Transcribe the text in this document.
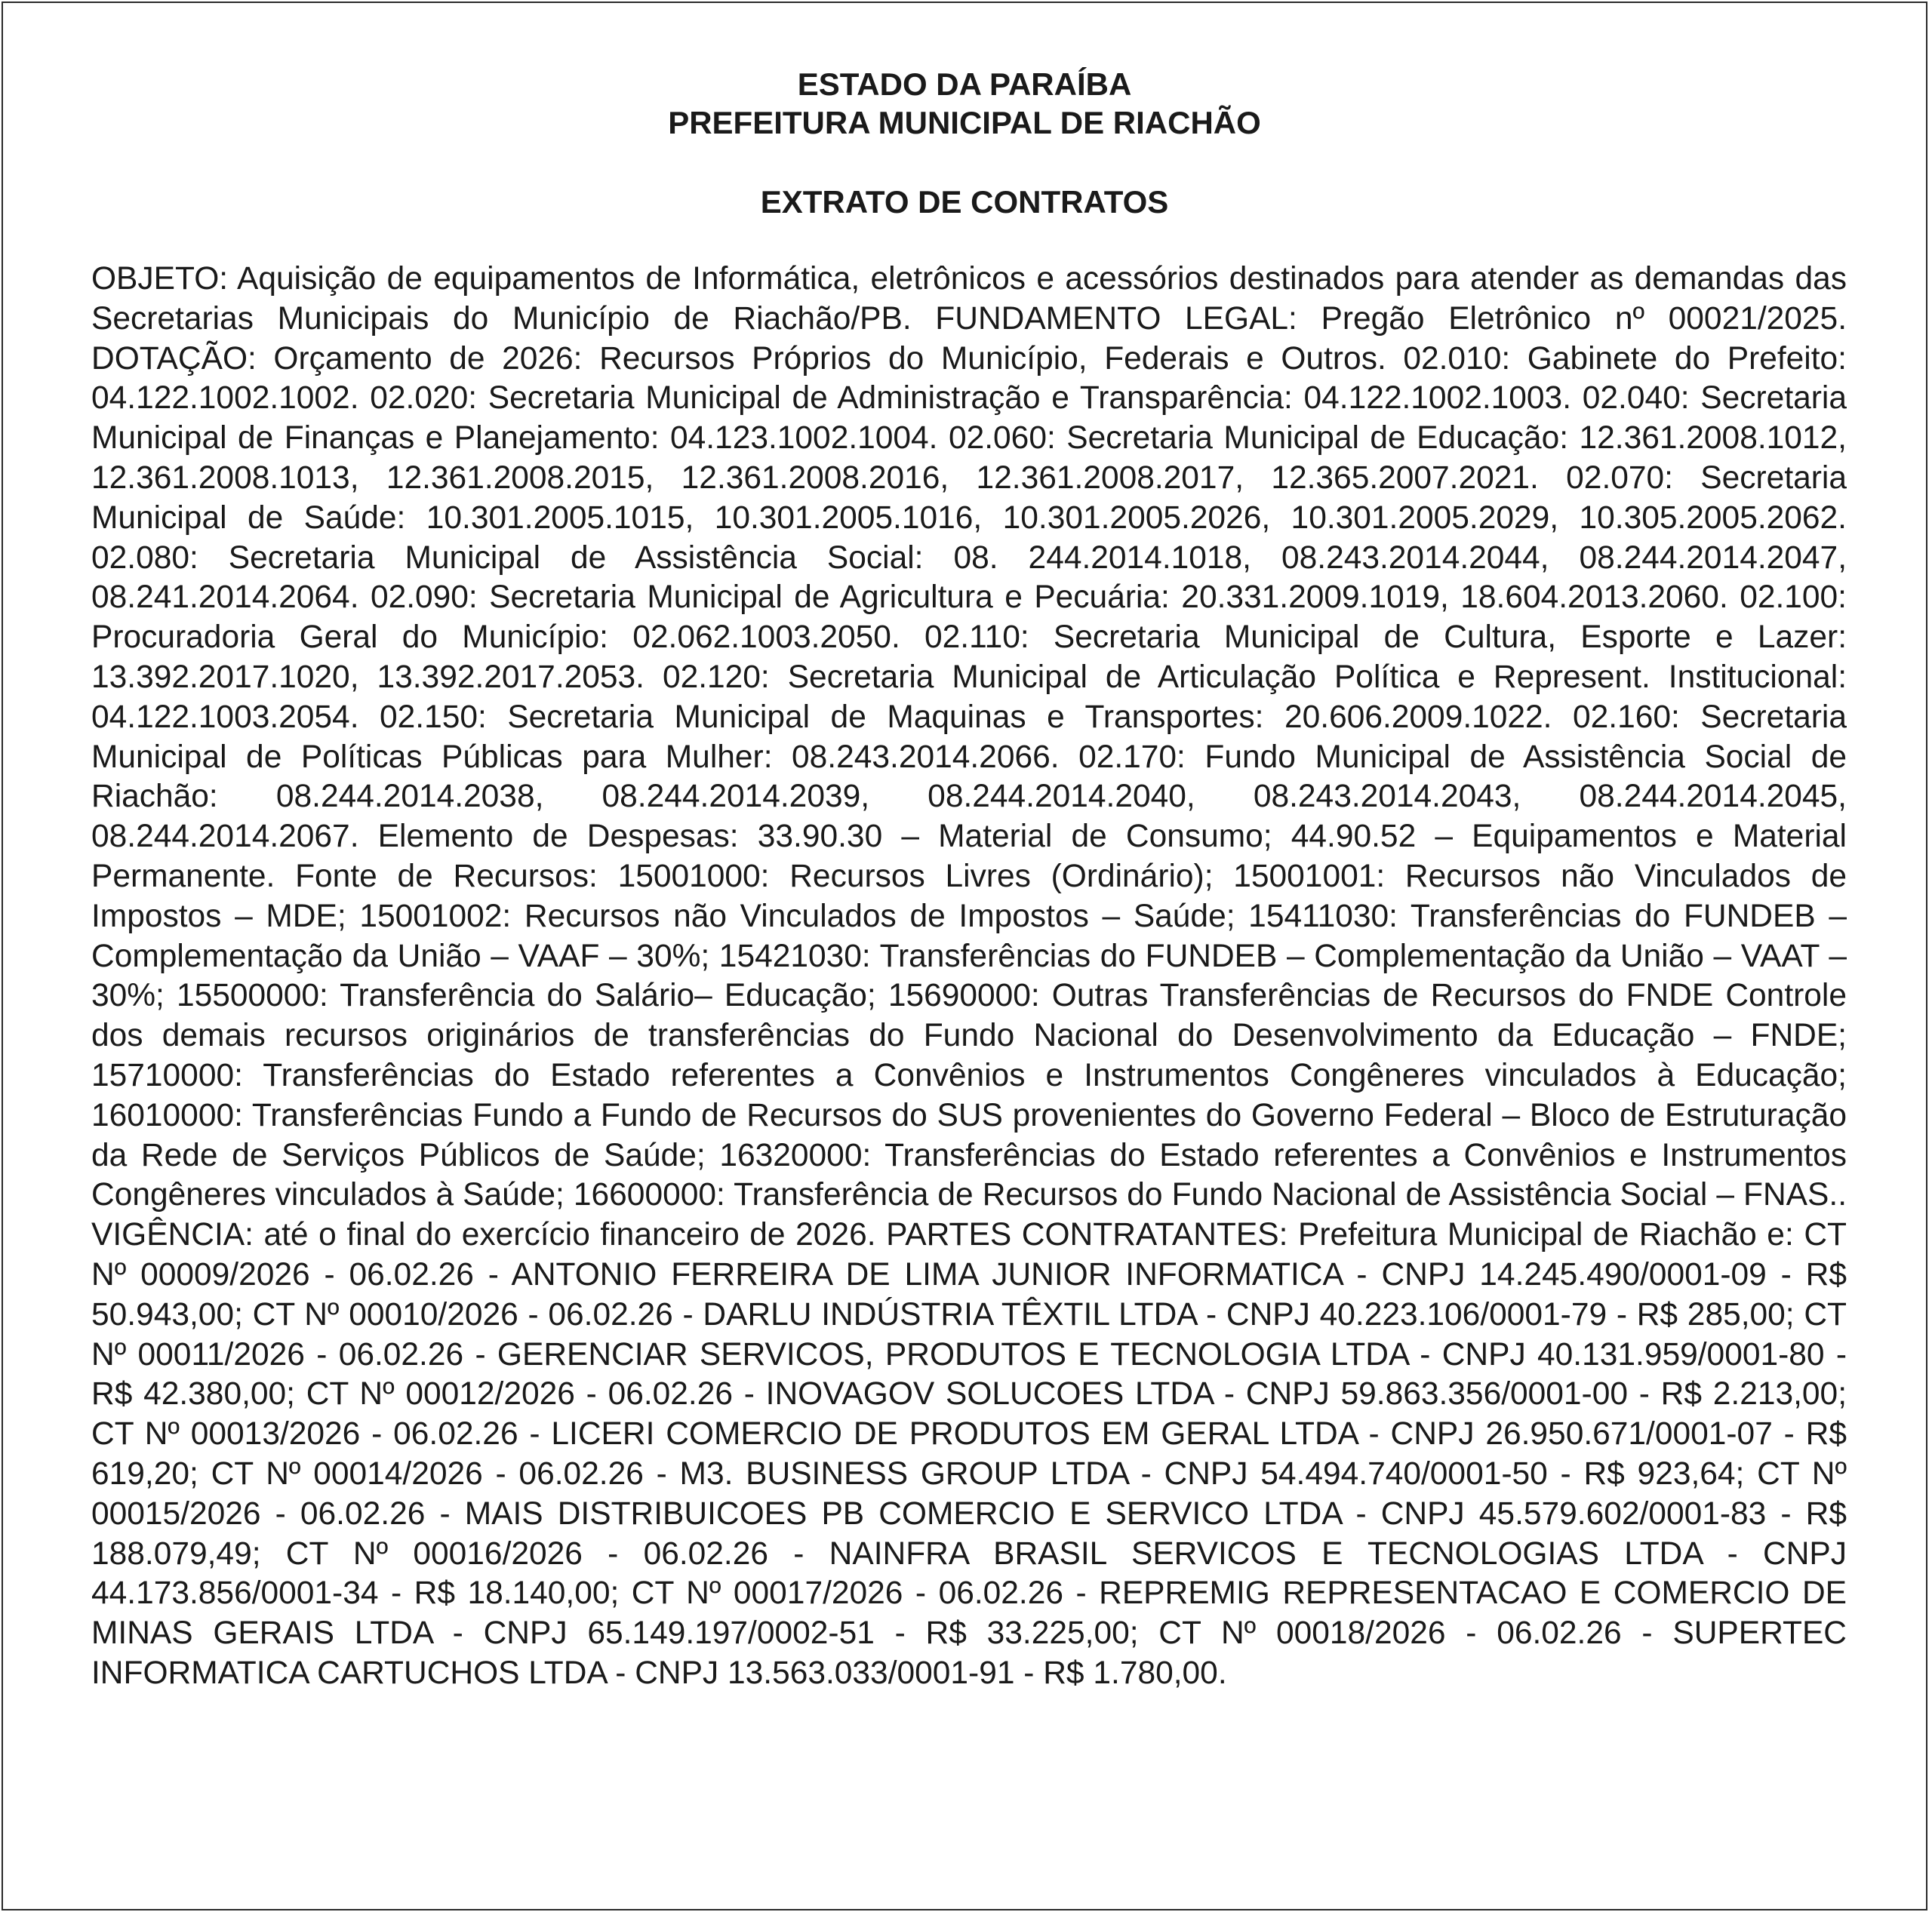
ESTADO DA PARAÍBA
PREFEITURA MUNICIPAL DE RIACHÃO
EXTRATO DE CONTRATOS
OBJETO: Aquisição de equipamentos de Informática, eletrônicos e acessórios destinados para atender as demandas das Secretarias Municipais do Município de Riachão/PB. FUNDAMENTO LEGAL: Pregão Eletrônico nº 00021/2025. DOTAÇÃO: Orçamento de 2026: Recursos Próprios do Município, Federais e Outros. 02.010: Gabinete do Prefeito: 04.122.1002.1002. 02.020: Secretaria Municipal de Administração e Transparência: 04.122.1002.1003. 02.040: Secretaria Municipal de Finanças e Planejamento: 04.123.1002.1004. 02.060: Secretaria Municipal de Educação: 12.361.2008.1012, 12.361.2008.1013, 12.361.2008.2015, 12.361.2008.2016, 12.361.2008.2017, 12.365.2007.2021. 02.070: Secretaria Municipal de Saúde: 10.301.2005.1015, 10.301.2005.1016, 10.301.2005.2026, 10.301.2005.2029, 10.305.2005.2062. 02.080: Secretaria Municipal de Assistência Social: 08. 244.2014.1018, 08.243.2014.2044, 08.244.2014.2047, 08.241.2014.2064. 02.090: Secretaria Municipal de Agricultura e Pecuária: 20.331.2009.1019, 18.604.2013.2060. 02.100: Procuradoria Geral do Município: 02.062.1003.2050. 02.110: Secretaria Municipal de Cultura, Esporte e Lazer: 13.392.2017.1020, 13.392.2017.2053. 02.120: Secretaria Municipal de Articulação Política e Represent. Institucional: 04.122.1003.2054. 02.150: Secretaria Municipal de Maquinas e Transportes: 20.606.2009.1022. 02.160: Secretaria Municipal de Políticas Públicas para Mulher: 08.243.2014.2066. 02.170: Fundo Municipal de Assistência Social de Riachão: 08.244.2014.2038, 08.244.2014.2039, 08.244.2014.2040, 08.243.2014.2043, 08.244.2014.2045, 08.244.2014.2067. Elemento de Despesas: 33.90.30 – Material de Consumo; 44.90.52 – Equipamentos e Material Permanente. Fonte de Recursos: 15001000: Recursos Livres (Ordinário); 15001001: Recursos não Vinculados de Impostos – MDE; 15001002: Recursos não Vinculados de Impostos – Saúde; 15411030: Transferências do FUNDEB – Complementação da União – VAAF – 30%; 15421030: Transferências do FUNDEB – Complementação da União – VAAT – 30%; 15500000: Transferência do Salário– Educação; 15690000: Outras Transferências de Recursos do FNDE Controle dos demais recursos originários de transferências do Fundo Nacional do Desenvolvimento da Educação – FNDE; 15710000: Transferências do Estado referentes a Convênios e Instrumentos Congêneres vinculados à Educação; 16010000: Transferências Fundo a Fundo de Recursos do SUS provenientes do Governo Federal – Bloco de Estruturação da Rede de Serviços Públicos de Saúde; 16320000: Transferências do Estado referentes a Convênios e Instrumentos Congêneres vinculados à Saúde; 16600000: Transferência de Recursos do Fundo Nacional de Assistência Social – FNAS.. VIGÊNCIA: até o final do exercício financeiro de 2026. PARTES CONTRATANTES: Prefeitura Municipal de Riachão e: CT Nº 00009/2026 - 06.02.26 - ANTONIO FERREIRA DE LIMA JUNIOR INFORMATICA - CNPJ 14.245.490/0001-09 - R$ 50.943,00; CT Nº 00010/2026 - 06.02.26 - DARLU INDÚSTRIA TÊXTIL LTDA - CNPJ 40.223.106/0001-79 - R$ 285,00; CT Nº 00011/2026 - 06.02.26 - GERENCIAR SERVICOS, PRODUTOS E TECNOLOGIA LTDA - CNPJ 40.131.959/0001-80 - R$ 42.380,00; CT Nº 00012/2026 - 06.02.26 - INOVAGOV SOLUCOES LTDA - CNPJ 59.863.356/0001-00 - R$ 2.213,00; CT Nº 00013/2026 - 06.02.26 - LICERI COMERCIO DE PRODUTOS EM GERAL LTDA - CNPJ 26.950.671/0001-07 - R$ 619,20; CT Nº 00014/2026 - 06.02.26 - M3. BUSINESS GROUP LTDA - CNPJ 54.494.740/0001-50 - R$ 923,64; CT Nº 00015/2026 - 06.02.26 - MAIS DISTRIBUICOES PB COMERCIO E SERVICO LTDA - CNPJ 45.579.602/0001-83 - R$ 188.079,49; CT Nº 00016/2026 - 06.02.26 - NAINFRA BRASIL SERVICOS E TECNOLOGIAS LTDA - CNPJ 44.173.856/0001-34 - R$ 18.140,00; CT Nº 00017/2026 - 06.02.26 - REPREMIG REPRESENTACAO E COMERCIO DE MINAS GERAIS LTDA - CNPJ 65.149.197/0002-51 - R$ 33.225,00; CT Nº 00018/2026 - 06.02.26 - SUPERTEC INFORMATICA CARTUCHOS LTDA - CNPJ 13.563.033/0001-91 - R$ 1.780,00.
